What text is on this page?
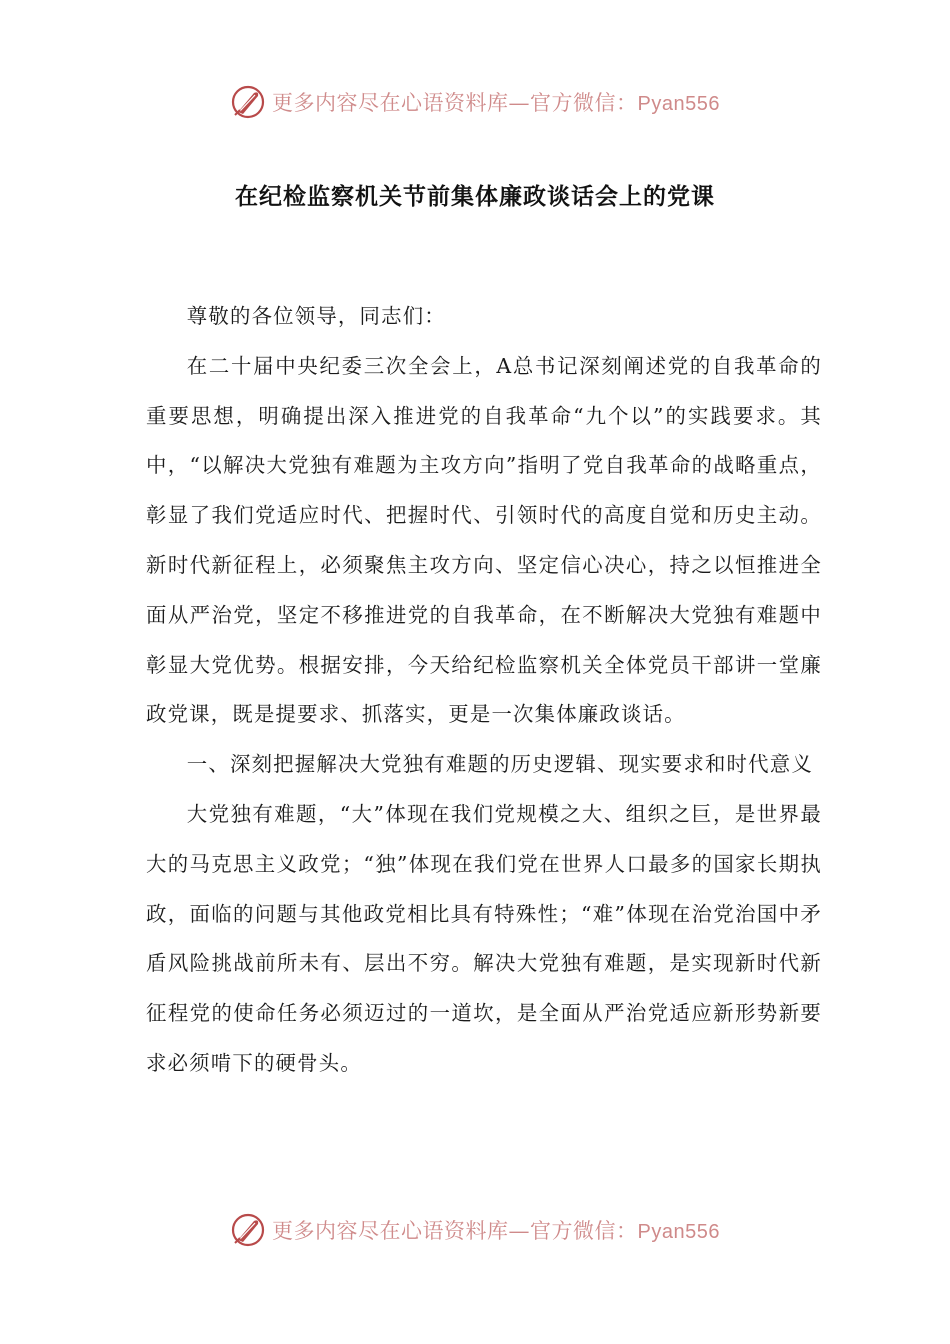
更多内容尽在心语资料库—官方微信：Pyan556
在纪检监察机关节前集体廉政谈话会上的党课

尊敬的各位领导，同志们：

在二十届中央纪委三次全会上，A总书记深刻阐述党的自我革命的重要思想，明确提出深入推进党的自我革命“九个以”的实践要求。其中，“以解决大党独有难题为主攻方向”指明了党自我革命的战略重点，彰显了我们党适应时代、把握时代、引领时代的高度自觉和历史主动。新时代新征程上，必须聚焦主攻方向、坚定信心决心，持之以恒推进全面从严治党，坚定不移推进党的自我革命，在不断解决大党独有难题中彰显大党优势。根据安排，今天给纪检监察机关全体党员干部讲一堂廉政党课，既是提要求、抓落实，更是一次集体廉政谈话。

一、深刻把握解决大党独有难题的历史逻辑、现实要求和时代意义

大党独有难题，“大”体现在我们党规模之大、组织之巨，是世界最大的马克思主义政党；“独”体现在我们党在世界人口最多的国家长期执政，面临的问题与其他政党相比具有特殊性；“难”体现在治党治国中矛盾风险挑战前所未有、层出不穷。解决大党独有难题，是实现新时代新征程党的使命任务必须迈过的一道坎，是全面从严治党适应新形势新要求必须啃下的硬骨头。

更多内容尽在心语资料库—官方微信：Pyan556
